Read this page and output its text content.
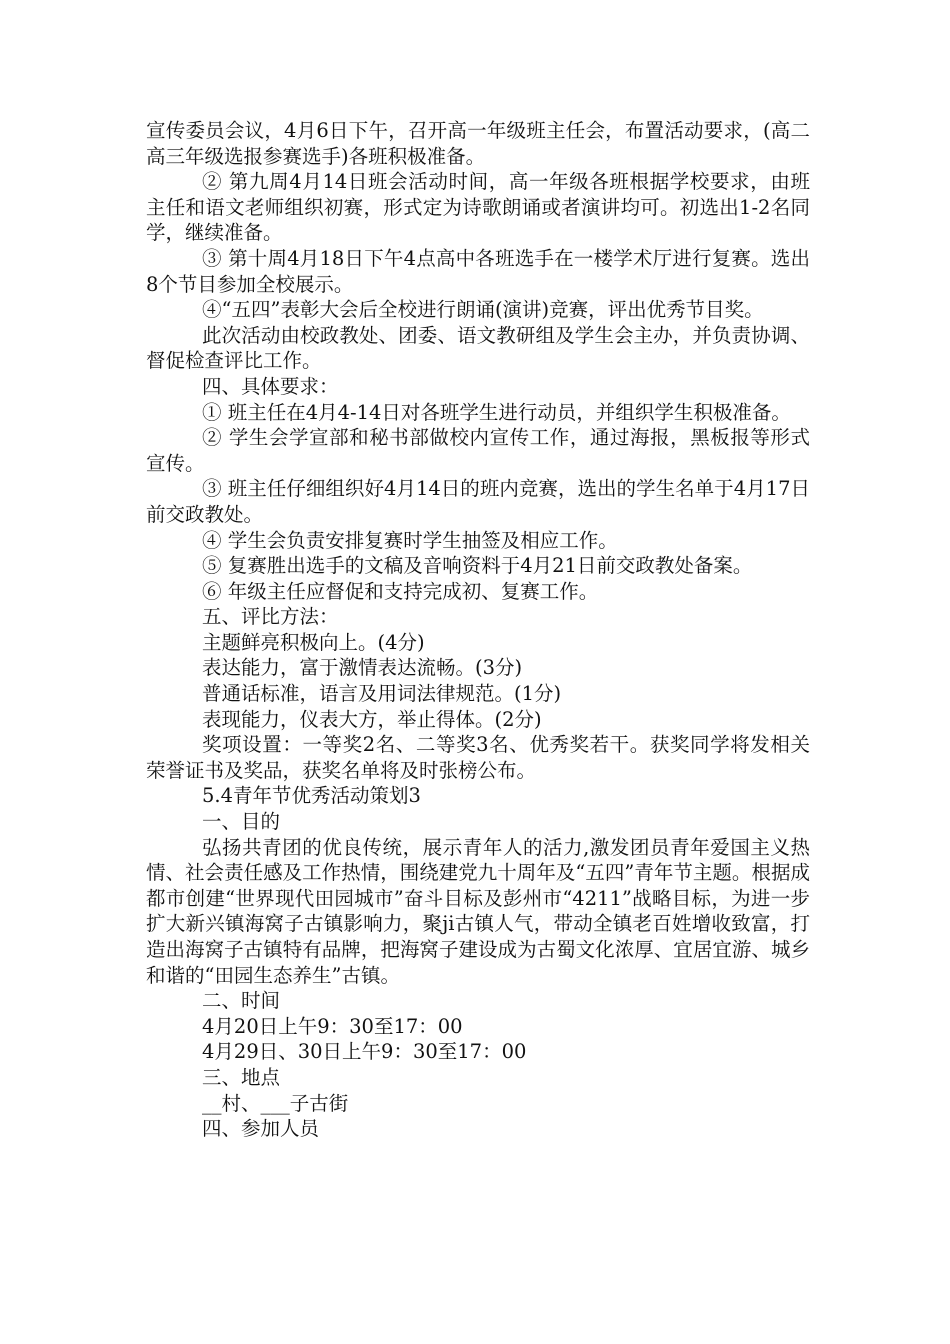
宣传委员会议，4月6日下午，召开高一年级班主任会，布置活动要求，(高二高三年级选报参赛选手)各班积极准备。

② 第九周4月14日班会活动时间，高一年级各班根据学校要求，由班主任和语文老师组织初赛，形式定为诗歌朗诵或者演讲均可。初选出1-2名同学，继续准备。

③ 第十周4月18日下午4点高中各班选手在一楼学术厅进行复赛。选出8个节目参加全校展示。

④“五四”表彰大会后全校进行朗诵(演讲)竞赛，评出优秀节目奖。

此次活动由校政教处、团委、语文教研组及学生会主办，并负责协调、督促检查评比工作。

四、具体要求：

① 班主任在4月4-14日对各班学生进行动员，并组织学生积极准备。

② 学生会学宣部和秘书部做校内宣传工作，通过海报，黑板报等形式宣传。

③ 班主任仔细组织好4月14日的班内竞赛，选出的学生名单于4月17日前交政教处。

④ 学生会负责安排复赛时学生抽签及相应工作。

⑤ 复赛胜出选手的文稿及音响资料于4月21日前交政教处备案。

⑥ 年级主任应督促和支持完成初、复赛工作。

五、评比方法：

主题鲜亮积极向上。(4分)

表达能力，富于激情表达流畅。(3分)

普通话标准，语言及用词法律规范。(1分)

表现能力，仪表大方，举止得体。(2分)

奖项设置：一等奖2名、二等奖3名、优秀奖若干。获奖同学将发相关荣誉证书及奖品，获奖名单将及时张榜公布。

5.4青年节优秀活动策划3

一、目的

弘扬共青团的优良传统，展示青年人的活力,激发团员青年爱国主义热情、社会责任感及工作热情，围绕建党九十周年及“五四”青年节主题。根据成都市创建“世界现代田园城市”奋斗目标及彭州市“4211”战略目标，为进一步扩大新兴镇海窝子古镇影响力，聚ji古镇人气，带动全镇老百姓增收致富，打造出海窝子古镇特有品牌，把海窝子建设成为古蜀文化浓厚、宜居宜游、城乡和谐的“田园生态养生”古镇。

二、时间

4月20日上午9：30至17：00

4月29日、30日上午9：30至17：00

三、地点

__村、___子古街

四、参加人员
